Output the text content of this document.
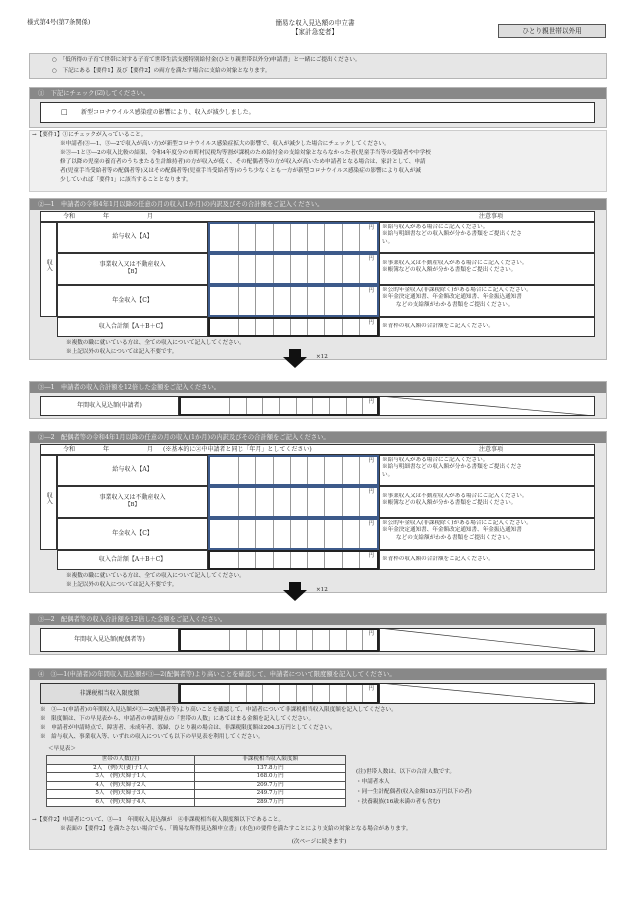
様式第4号(第7条関係)	簡易な収入見込額の申立書
【家計急変者】	ひとり親世帯以外用
○　「低所得の子育て世帯に対する子育て世帯生活支援特別給付金(ひとり親世帯以外分)申請書」と一緒にご提出ください。
○　下記にある【要件1】及び【要件2】の両方を満たす場合に支給の対象となります。
①　下記にチェック(☑)してください。
□ 新型コロナウイルス感染症の影響により、収入が減少しました。
→【要件1】①にチェックが入っていること。
※申請者(③―1、③―2で収入が高い方)が新型コロナウイルス感染症拡大の影響で、収入が減少した場合にチェックしてください。
※③―1と③―2の収入比較の結果、令和4年度分の市町村民税均等割が課税のため給付金の支給対象とならなかった者(児童手当等の受給者や中学校
修了以降の児童の養育者のうちまたる生計維持者)の方が収入が低く、その配偶者等の方が収入が高いため申請者となる場合は、家計として、申請
者(児童手当受給者等の配偶者等)又はその配偶者等(児童手当受給者等)のうち少なくとも一方が新型コロナウイルス感染症の影響により収入が減
少していれば「要件1」に該当することとなります。
②―1　申請者の令和4年1月以降の任意の月の収入(1か月)の内訳及びその合計額をご記入ください。
令和	年	月	注意事項
収入
給与収入【A】
円 ※給与収入がある場合にご記入ください。
※給与明細書などの収入額が分かる書類をご提出くださ
い。
事業収入又は不動産収入
【B】
円
※事業収入又は不動産収入がある場合にご記入ください。
※帳簿などの収入額が分かる書類をご提出ください。
年金収入【C】
円 ※公的年金収入(非課税除く)がある場合にご記入ください。
※年金決定通知書、年金額改定通知書、年金振込通知書
などの支給額がわかる書類をご提出ください。
収入合計額【A＋B＋C】	円 ※青枠の収入額の合計額をご記入ください。
※複数の職に就いている方は、全ての収入について記入してください。
※上記以外の収入については記入不要です。
×12
③―1　申請者の収入合計額を12倍した金額をご記入ください。
年間収入見込額(申請者)	円
②―2　配偶者等の令和4年1月以降の任意の月の収入(1か月)の内訳及びその合計額をご記入ください。
令和	年	月 (※基本的に②中申請者と同じ「年月」としてください)	注意事項
収入
給与収入【A】
円 ※給与収入がある場合にご記入ください。
※給与明細書などの収入額が分かる書類をご提出くださ
い。
事業収入又は不動産収入
【B】
円
※事業収入又は不動産収入がある場合にご記入ください。
※帳簿などの収入額が分かる書類をご提出ください。
年金収入【C】
円 ※公的年金収入(非課税除く)がある場合にご記入ください。
※年金決定通知書、年金額改定通知書、年金振込通知書
などの支給額がわかる書類をご提出ください。
収入合計額【A＋B＋C】	円 ※青枠の収入額の合計額をご記入ください。
※複数の職に就いている方は、全ての収入について記入してください。
※上記以外の収入については記入不要です。
×12
③―2　配偶者等の収入合計額を12倍した金額をご記入ください。
年間収入見込額(配偶者等)
円
④　③―1(申請者)の年間収入見込額が③―2(配偶者等)より高いことを確認して、申請者について限度額を記入してください。
非課税相当収入限度額
円
※　③―1(申請者)の年間収入見込額が③―2(配偶者等)より高いことを確認して、申請者について非課税相当収入限度額を記入してください。
※　限度額は、下の早見表から、申請者の申請時点の「世帯の人数」にあてはまる金額を記入してください。
※　申請者が申請時点で、障害者、未成年者、寡婦、ひとり親の場合は、非課税限度額は204.3万円としてください。
※　給与収入、事業収入等、いずれの収入についても以下の早見表を利用してください。
＜早見表＞
世帯の人数(注)	非課税相当収入限度額
2人　(例)夫(妻)子1人	137.8万円
3人　(例)夫婦子1人	168.0万円
4人　(例)夫婦子2人	209.7万円
5人　(例)夫婦子3人	249.7万円
6人　(例)夫婦子4人	289.7万円
(注)世帯人数は、以下の合計人数です。
・申請者本人
・同一生計配偶者(収入金額103万円以下の者)
・扶養親族(16歳未満の者も含む)
→【要件2】申請者について、③―1　年間収入見込額が　④非課税相当収入限度額以下であること。
※表面の【要件2】を満たさない場合でも、「簡易な所得見込額申立書」(水色)の要件を満たすことにより支給の対象となる場合があります。
(次ページに続きます)
